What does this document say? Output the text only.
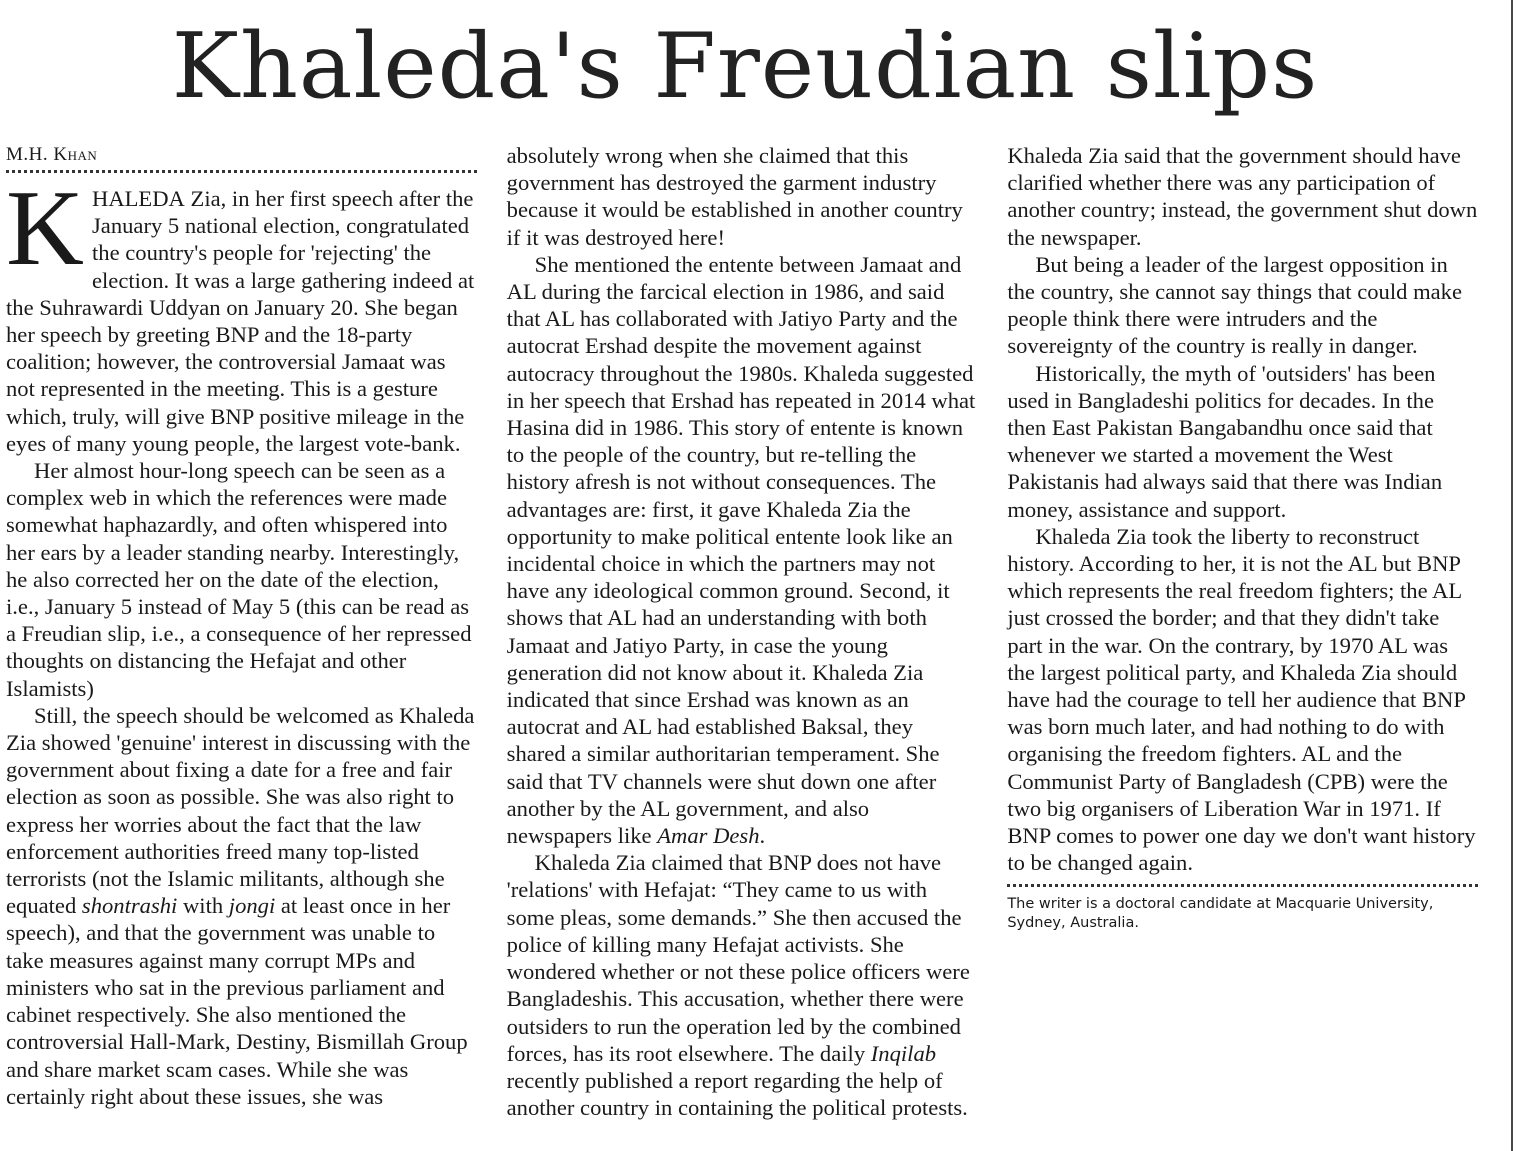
Khaleda's Freudian slips
M.H. Khan

KHALEDA Zia, in her first speech after the January 5 national election, congratulated the country's people for 'rejecting' the election. It was a large gathering indeed at the Suhrawardi Uddyan on January 20. She began her speech by greeting BNP and the 18-party coalition; however, the controversial Jamaat was not represented in the meeting. This is a gesture which, truly, will give BNP positive mileage in the eyes of many young people, the largest vote-bank.

Her almost hour-long speech can be seen as a complex web in which the references were made somewhat haphazardly, and often whispered into her ears by a leader standing nearby. Interestingly, he also corrected her on the date of the election, i.e., January 5 instead of May 5 (this can be read as a Freudian slip, i.e., a consequence of her repressed thoughts on distancing the Hefajat and other Islamists)

Still, the speech should be welcomed as Khaleda Zia showed 'genuine' interest in discussing with the government about fixing a date for a free and fair election as soon as possible. She was also right to express her worries about the fact that the law enforcement authorities freed many top-listed terrorists (not the Islamic militants, although she equated shontrashi with jongi at least once in her speech), and that the government was unable to take measures against many corrupt MPs and ministers who sat in the previous parliament and cabinet respectively. She also mentioned the controversial Hall-Mark, Destiny, Bismillah Group and share market scam cases. While she was certainly right about these issues, she was absolutely wrong when she claimed that this government has destroyed the garment industry because it would be established in another country if it was destroyed here!

She mentioned the entente between Jamaat and AL during the farcical election in 1986, and said that AL has collaborated with Jatiyo Party and the autocrat Ershad despite the movement against autocracy throughout the 1980s. Khaleda suggested in her speech that Ershad has repeated in 2014 what Hasina did in 1986. This story of entente is known to the people of the country, but re-telling the history afresh is not without consequences. The advantages are: first, it gave Khaleda Zia the opportunity to make political entente look like an incidental choice in which the partners may not have any ideological common ground. Second, it shows that AL had an understanding with both Jamaat and Jatiyo Party, in case the young generation did not know about it. Khaleda Zia indicated that since Ershad was known as an autocrat and AL had established Baksal, they shared a similar authoritarian temperament. She said that TV channels were shut down one after another by the AL government, and also newspapers like Amar Desh.

Khaleda Zia claimed that BNP does not have 'relations' with Hefajat: “They came to us with some pleas, some demands.” She then accused the police of killing many Hefajat activists. She wondered whether or not these police officers were Bangladeshis. This accusation, whether there were outsiders to run the operation led by the combined forces, has its root elsewhere. The daily Inqilab recently published a report regarding the help of another country in containing the political protests. Khaleda Zia said that the government should have clarified whether there was any participation of another country; instead, the government shut down the newspaper.

But being a leader of the largest opposition in the country, she cannot say things that could make people think there were intruders and the sovereignty of the country is really in danger.

Historically, the myth of 'outsiders' has been used in Bangladeshi politics for decades. In the then East Pakistan Bangabandhu once said that whenever we started a movement the West Pakistanis had always said that there was Indian money, assistance and support.

Khaleda Zia took the liberty to reconstruct history. According to her, it is not the AL but BNP which represents the real freedom fighters; the AL just crossed the border; and that they didn't take part in the war. On the contrary, by 1970 AL was the largest political party, and Khaleda Zia should have had the courage to tell her audience that BNP was born much later, and had nothing to do with organising the freedom fighters. AL and the Communist Party of Bangladesh (CPB) were the two big organisers of Liberation War in 1971. If BNP comes to power one day we don't want history to be changed again.

The writer is a doctoral candidate at Macquarie University, Sydney, Australia.
